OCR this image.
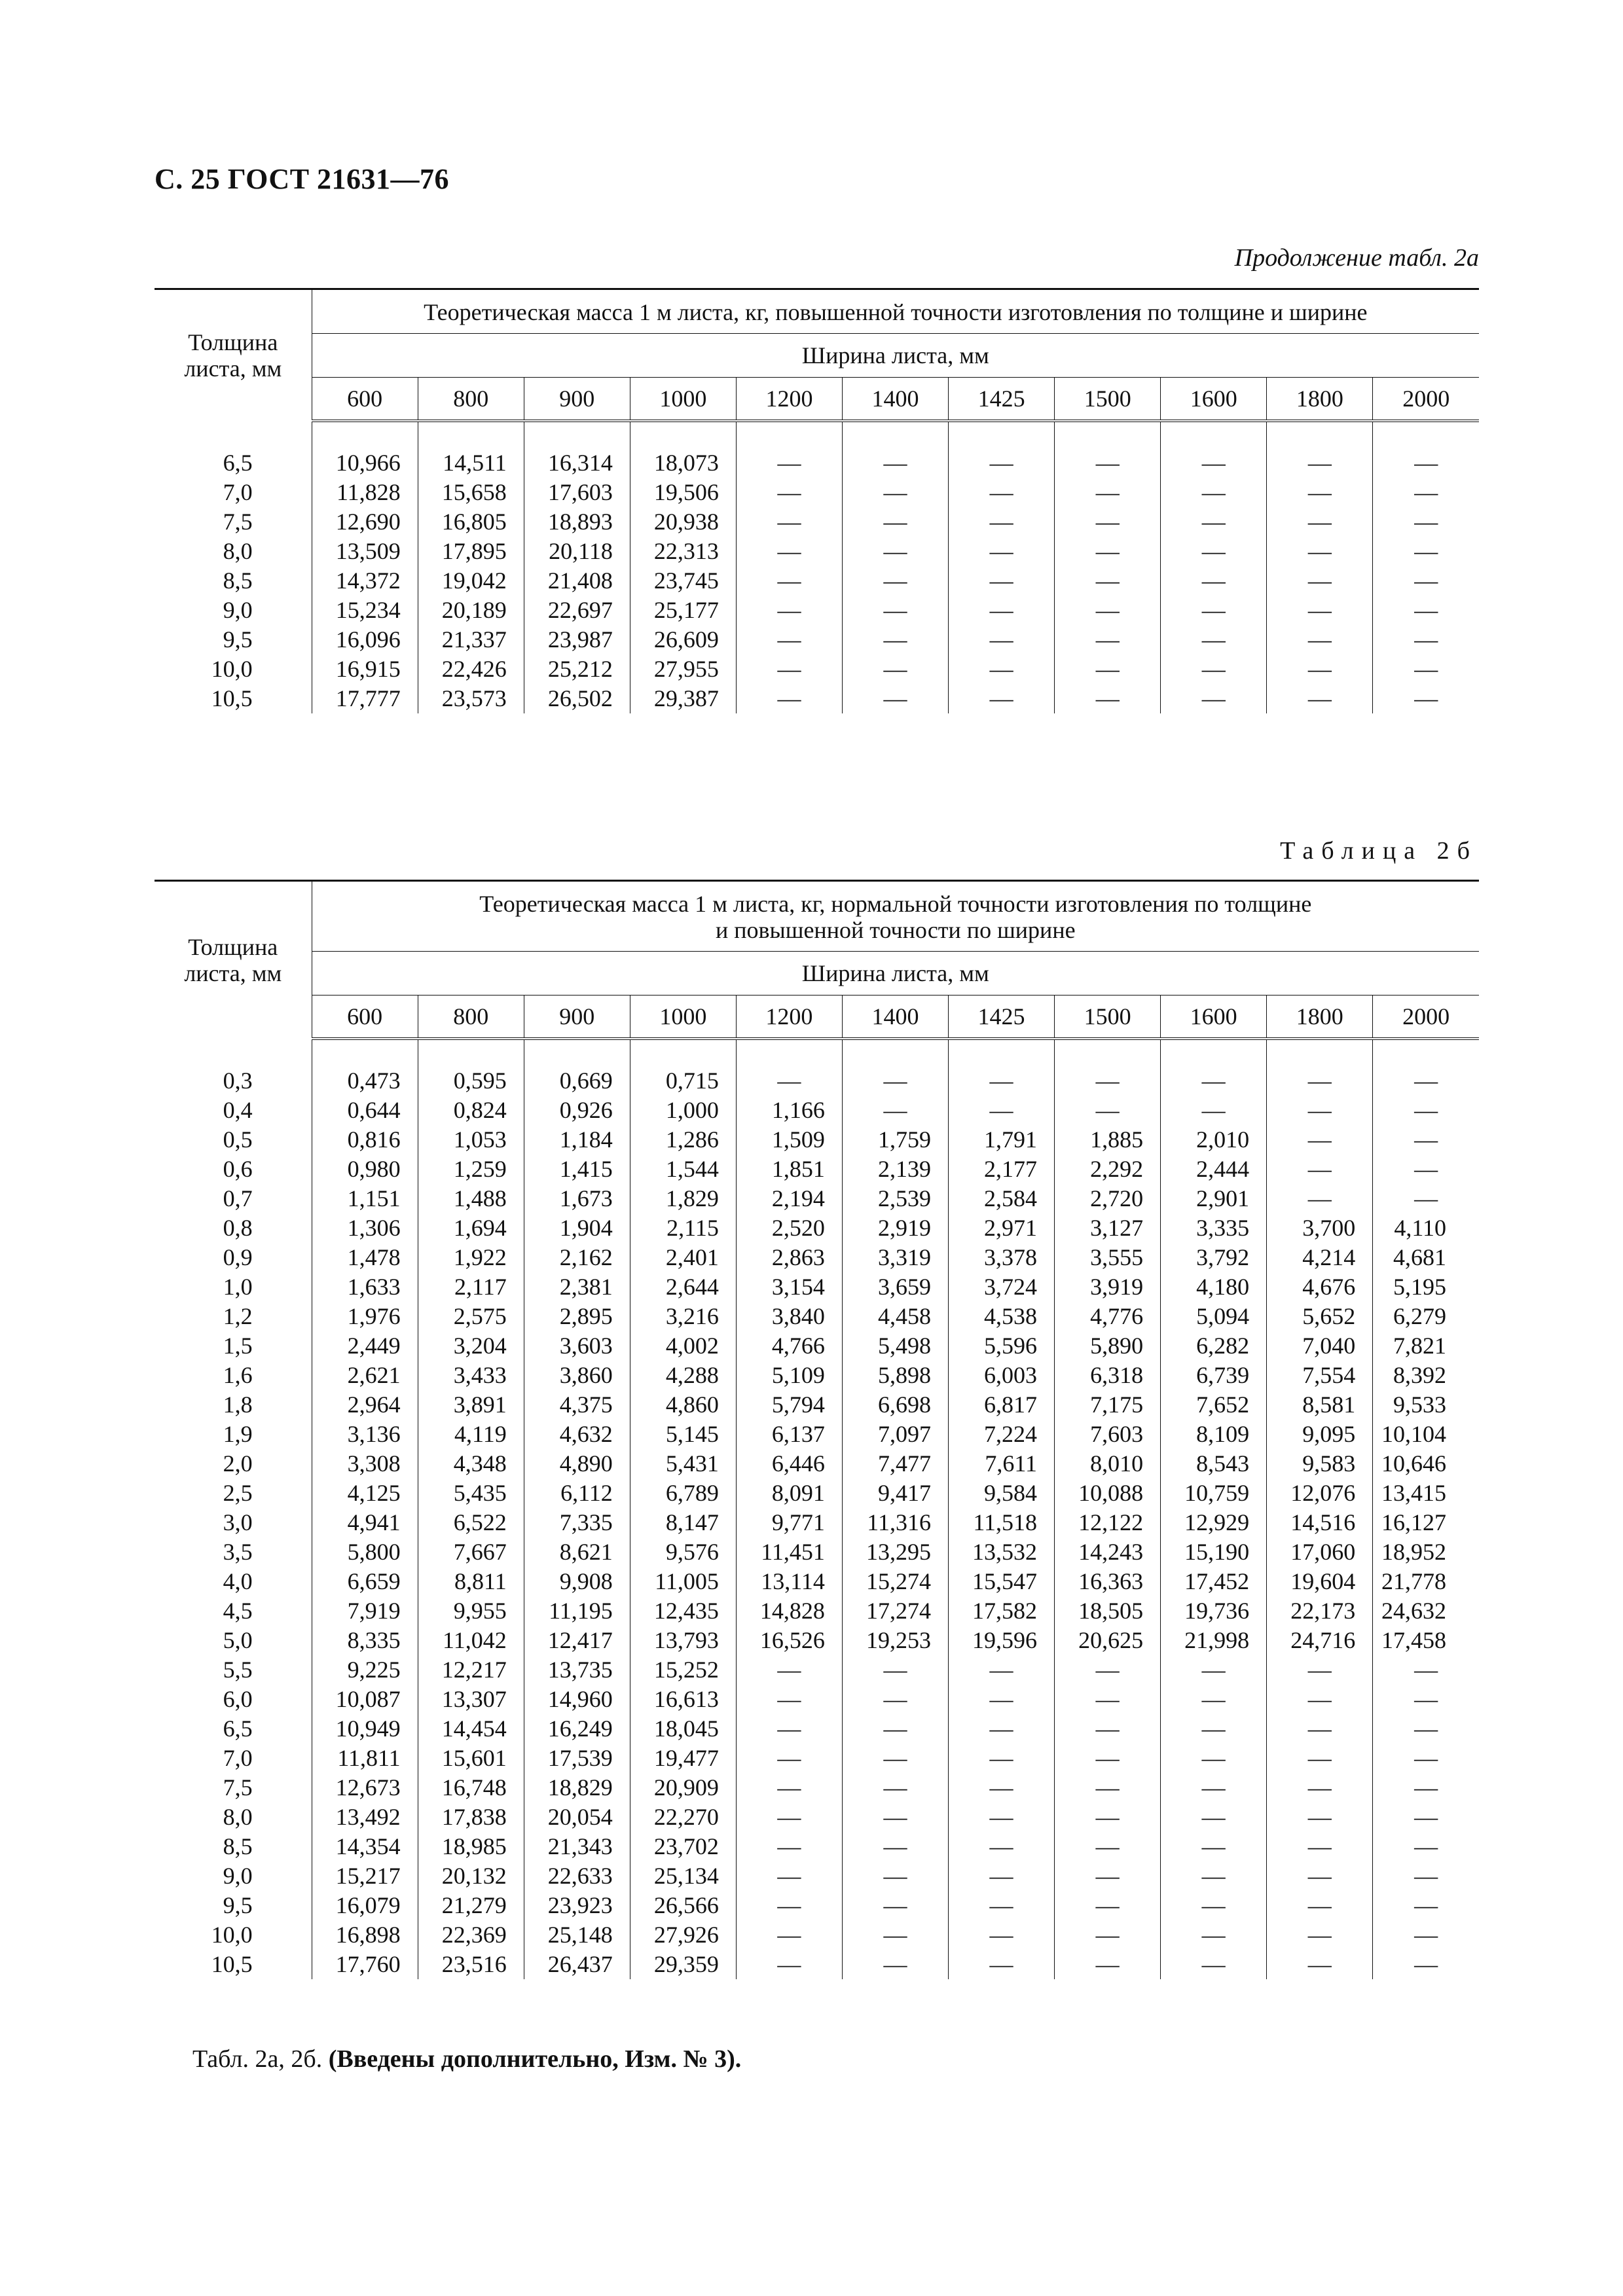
С. 25 ГОСТ 21631—76
Продолжение табл. 2а
Толщина листа, мм	Теоретическая масса 1 м листа, кг, повышенной точности изготовления по толщине и ширине										
	Ширина листа, мм										
	600	800	900	1000	1200	1400	1425	1500	1600	1800	2000

6,5	10,966	14,511	16,314	18,073	—	—	—	—	—	—	—
7,0	11,828	15,658	17,603	19,506	—	—	—	—	—	—	—
7,5	12,690	16,805	18,893	20,938	—	—	—	—	—	—	—
8,0	13,509	17,895	20,118	22,313	—	—	—	—	—	—	—
8,5	14,372	19,042	21,408	23,745	—	—	—	—	—	—	—
9,0	15,234	20,189	22,697	25,177	—	—	—	—	—	—	—
9,5	16,096	21,337	23,987	26,609	—	—	—	—	—	—	—
10,0	16,915	22,426	25,212	27,955	—	—	—	—	—	—	—
10,5	17,777	23,573	26,502	29,387	—	—	—	—	—	—	—
Таблица 2б
Толщина листа, мм	Теоретическая масса 1 м листа, кг, нормальной точности изготовления по толщине
и повышенной точности по ширине										
	Ширина листа, мм										
	600	800	900	1000	1200	1400	1425	1500	1600	1800	2000

0,3	0,473	0,595	0,669	0,715	—	—	—	—	—	—	—
0,4	0,644	0,824	0,926	1,000	1,166	—	—	—	—	—	—
0,5	0,816	1,053	1,184	1,286	1,509	1,759	1,791	1,885	2,010	—	—
0,6	0,980	1,259	1,415	1,544	1,851	2,139	2,177	2,292	2,444	—	—
0,7	1,151	1,488	1,673	1,829	2,194	2,539	2,584	2,720	2,901	—	—
0,8	1,306	1,694	1,904	2,115	2,520	2,919	2,971	3,127	3,335	3,700	4,110
0,9	1,478	1,922	2,162	2,401	2,863	3,319	3,378	3,555	3,792	4,214	4,681
1,0	1,633	2,117	2,381	2,644	3,154	3,659	3,724	3,919	4,180	4,676	5,195
1,2	1,976	2,575	2,895	3,216	3,840	4,458	4,538	4,776	5,094	5,652	6,279
1,5	2,449	3,204	3,603	4,002	4,766	5,498	5,596	5,890	6,282	7,040	7,821
1,6	2,621	3,433	3,860	4,288	5,109	5,898	6,003	6,318	6,739	7,554	8,392
1,8	2,964	3,891	4,375	4,860	5,794	6,698	6,817	7,175	7,652	8,581	9,533
1,9	3,136	4,119	4,632	5,145	6,137	7,097	7,224	7,603	8,109	9,095	10,104
2,0	3,308	4,348	4,890	5,431	6,446	7,477	7,611	8,010	8,543	9,583	10,646
2,5	4,125	5,435	6,112	6,789	8,091	9,417	9,584	10,088	10,759	12,076	13,415
3,0	4,941	6,522	7,335	8,147	9,771	11,316	11,518	12,122	12,929	14,516	16,127
3,5	5,800	7,667	8,621	9,576	11,451	13,295	13,532	14,243	15,190	17,060	18,952
4,0	6,659	8,811	9,908	11,005	13,114	15,274	15,547	16,363	17,452	19,604	21,778
4,5	7,919	9,955	11,195	12,435	14,828	17,274	17,582	18,505	19,736	22,173	24,632
5,0	8,335	11,042	12,417	13,793	16,526	19,253	19,596	20,625	21,998	24,716	17,458
5,5	9,225	12,217	13,735	15,252	—	—	—	—	—	—	—
6,0	10,087	13,307	14,960	16,613	—	—	—	—	—	—	—
6,5	10,949	14,454	16,249	18,045	—	—	—	—	—	—	—
7,0	11,811	15,601	17,539	19,477	—	—	—	—	—	—	—
7,5	12,673	16,748	18,829	20,909	—	—	—	—	—	—	—
8,0	13,492	17,838	20,054	22,270	—	—	—	—	—	—	—
8,5	14,354	18,985	21,343	23,702	—	—	—	—	—	—	—
9,0	15,217	20,132	22,633	25,134	—	—	—	—	—	—	—
9,5	16,079	21,279	23,923	26,566	—	—	—	—	—	—	—
10,0	16,898	22,369	25,148	27,926	—	—	—	—	—	—	—
10,5	17,760	23,516	26,437	29,359	—	—	—	—	—	—	—
Табл. 2а, 2б. (Введены дополнительно, Изм. № 3).
